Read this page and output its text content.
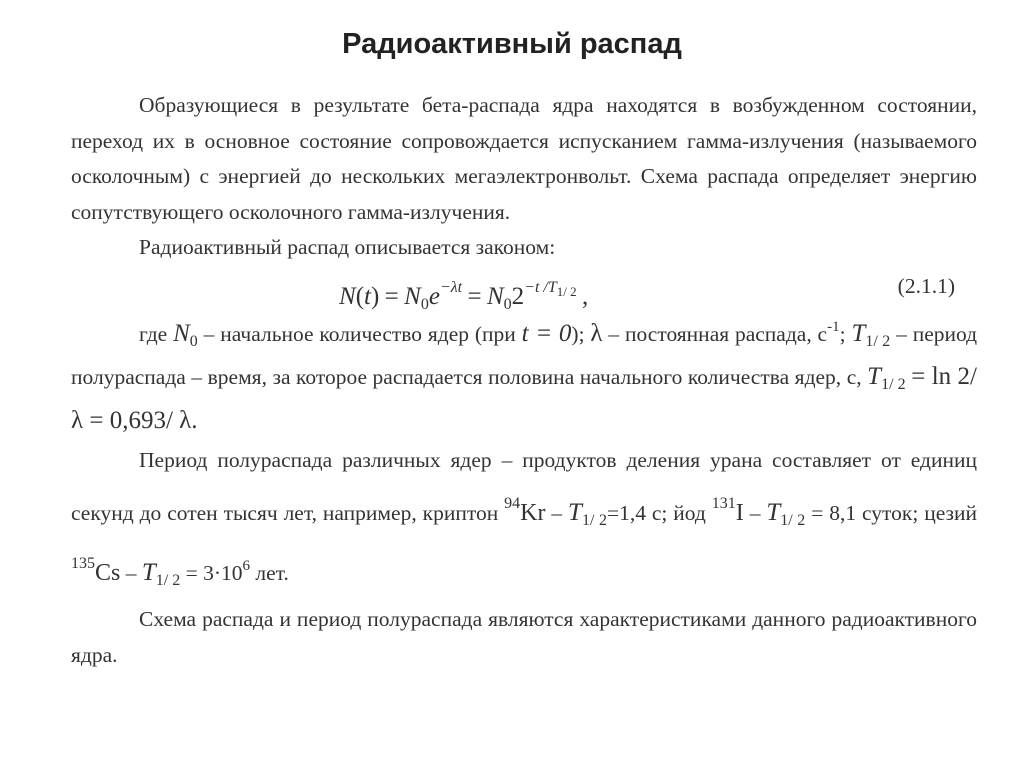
Радиоактивный распад

Образующиеся в результате бета-распада ядра находятся в возбужденном состоянии, переход их в основное состояние сопровождается испусканием гамма-излучения (называемого осколочным) с энергией до нескольких мегаэлектронвольт. Схема распада определяет энергию сопутствующего осколочного гамма-излучения.

Радиоактивный распад описывается законом:

$N(t) = N_0e^{-\lambda t} = N_02^{-t /T1/ 2}$ ,	(2.1.1)

где $N_0$ – начальное количество ядер (при t = 0); λ – постоянная распада, $с^{-1}$; $T_{1/ 2}$ – период полураспада – время, за которое распадается половина начального количества ядер, с, $T_{1/ 2} = \ln 2/$ λ = 0,693/ λ.

Период полураспада различных ядер – продуктов деления урана составляет от единиц секунд до сотен тысяч лет, например, криптон $^{94}Kr - T_{1/ 2}=1,4$ с; йод $^{131}I - T_{1/ 2} = 8,1$ суток; цезий $^{135}Cs - T_{1/ 2} = 3\cdot 10^6$ лет.

Схема распада и период полураспада являются характеристиками данного радиоактивного ядра.
